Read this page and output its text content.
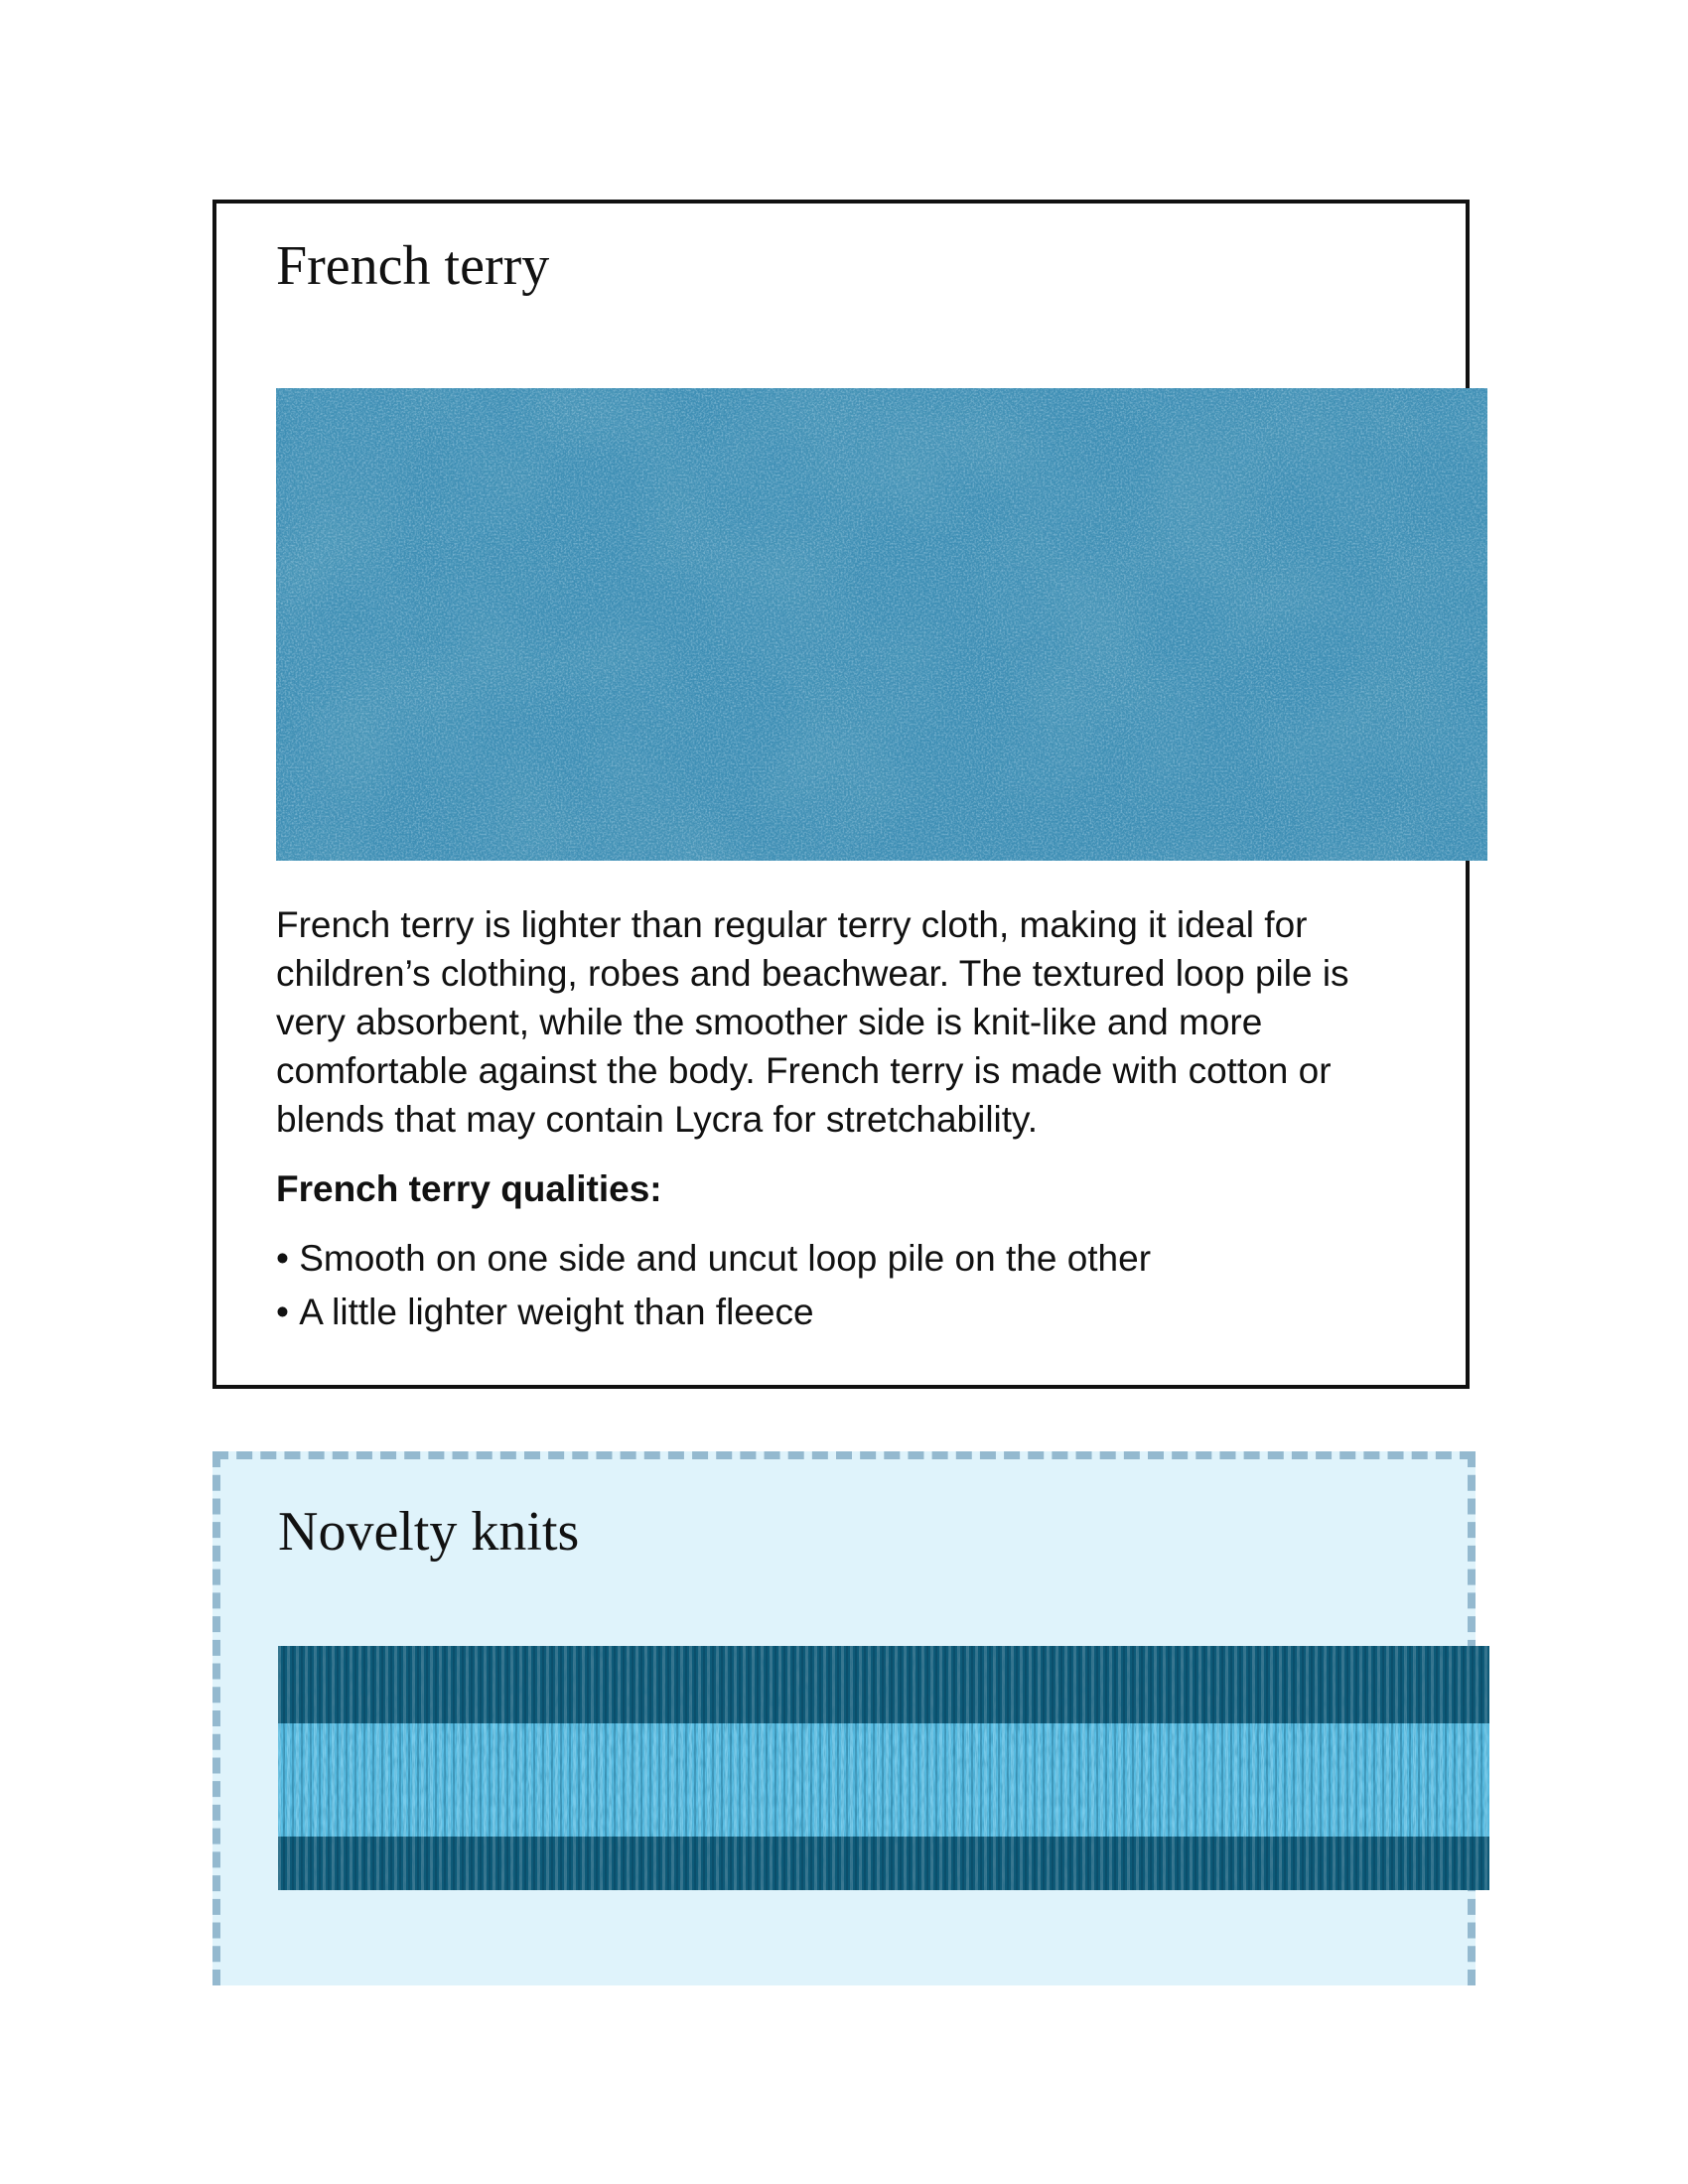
French terry

French terry is lighter than regular terry cloth, making it ideal for children’s clothing, robes and beachwear. The textured loop pile is very absorbent, while the smoother side is knit-like and more comfortable against the body. French terry is made with cotton or blends that may contain Lycra for stretchability.

French terry qualities:
• Smooth on one side and uncut loop pile on the other
• A little lighter weight than fleece
Novelty knits
